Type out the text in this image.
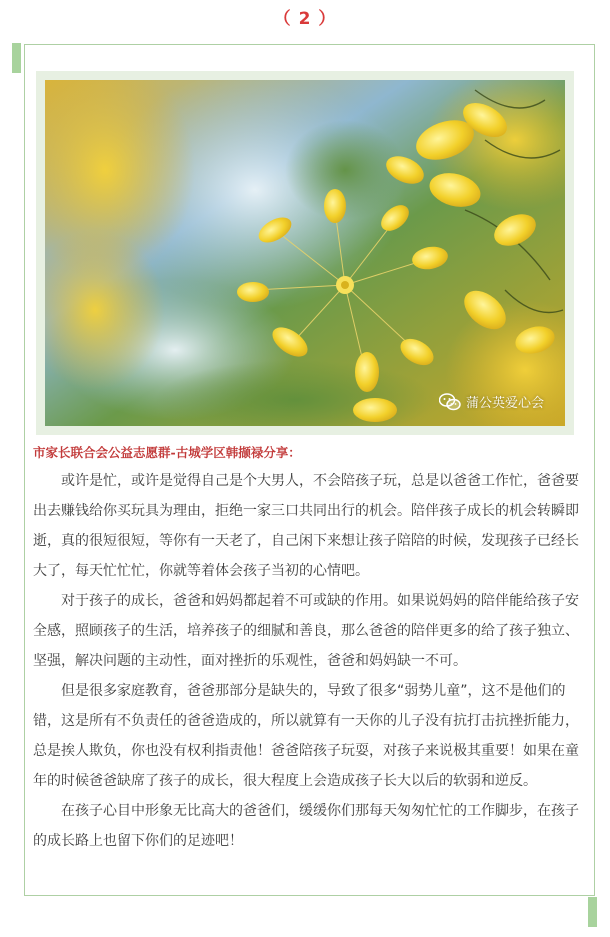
（ 2 ）
蒲公英爱心会
市家长联合会公益志愿群-古城学区韩撷禄分享：

或许是忙，或许是觉得自己是个大男人，不会陪孩子玩，总是以爸爸工作忙，爸爸要出去赚钱给你买玩具为理由，拒绝一家三口共同出行的机会。陪伴孩子成长的机会转瞬即逝，真的很短很短，等你有一天老了，自己闲下来想让孩子陪陪的时候，发现孩子已经长大了，每天忙忙忙，你就等着体会孩子当初的心情吧。

对于孩子的成长，爸爸和妈妈都起着不可或缺的作用。如果说妈妈的陪伴能给孩子安全感，照顾孩子的生活，培养孩子的细腻和善良，那么爸爸的陪伴更多的给了孩子独立、坚强，解决问题的主动性，面对挫折的乐观性，爸爸和妈妈缺一不可。

但是很多家庭教育，爸爸那部分是缺失的，导致了很多“弱势儿童”，这不是他们的错，这是所有不负责任的爸爸造成的，所以就算有一天你的儿子没有抗打击抗挫折能力，总是挨人欺负，你也没有权利指责他！爸爸陪孩子玩耍，对孩子来说极其重要！如果在童年的时候爸爸缺席了孩子的成长，很大程度上会造成孩子长大以后的软弱和逆反。

在孩子心目中形象无比高大的爸爸们，缓缓你们那每天匆匆忙忙的工作脚步，在孩子的成长路上也留下你们的足迹吧！
